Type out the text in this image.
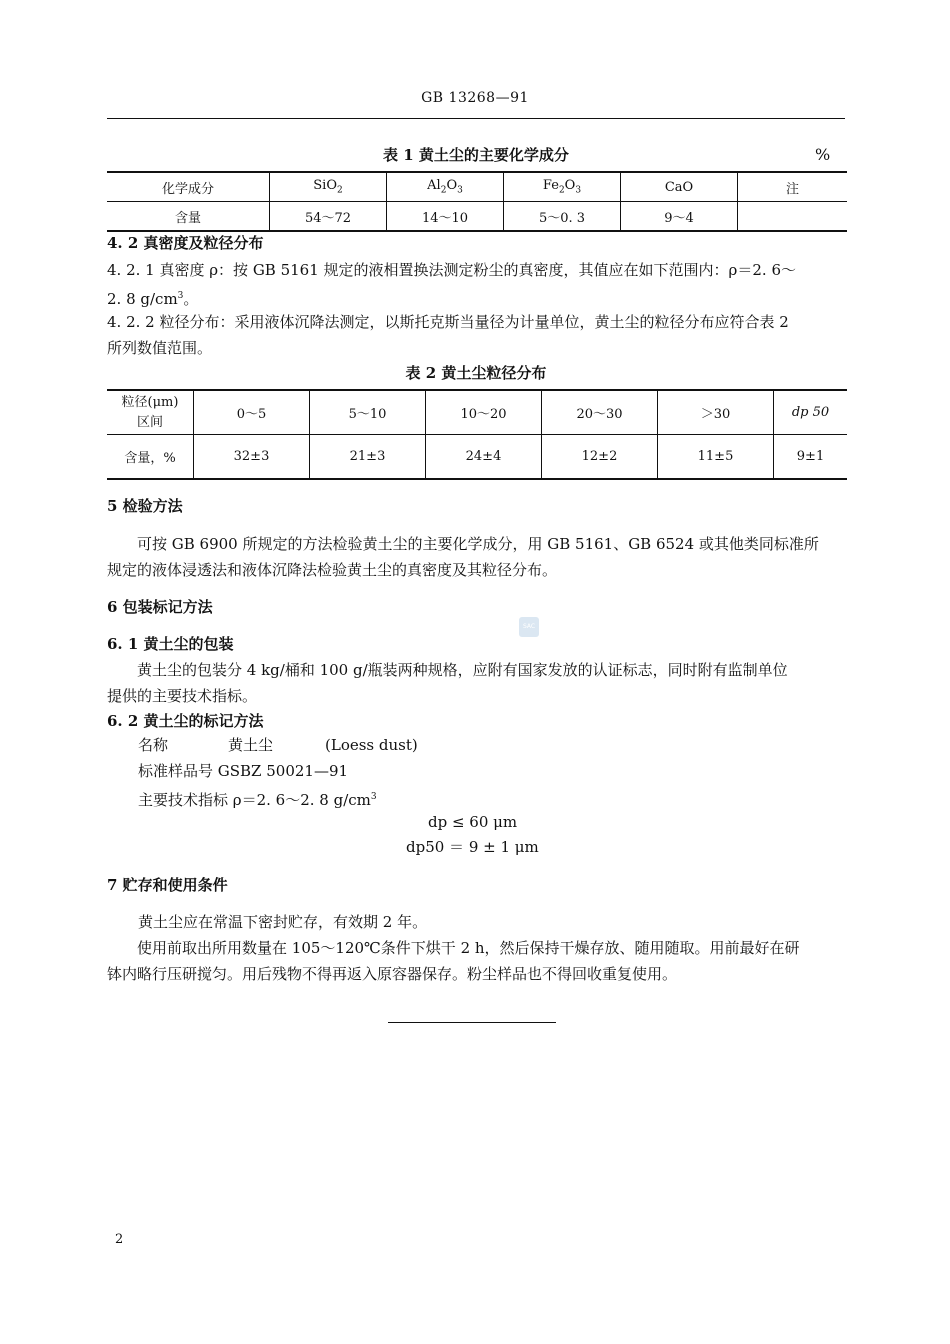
GB 13268—91
表 1 黄土尘的主要化学成分	%
化学成分	SiO$_2$	$Al_2O_3$	$Fe_2O_3$	CaO	注
含量	54～72	14～10	5～0. 3	9～4	
4. 2 真密度及粒径分布
4. 2. 1 真密度 ρ：按 GB 5161 规定的液相置换法测定粉尘的真密度，其值应在如下范围内：ρ＝2. 6～
2. 8 $g/cm^3$。
4. 2. 2 粒径分布：采用液体沉降法测定，以斯托克斯当量径为计量单位，黄土尘的粒径分布应符合表 2
所列数值范围。
表 2 黄土尘粒径分布
粒径(μm)
区间	0～5	5～10	10～20	20～30	＞30	dp 50
含量，%	32±3	21±3	24±4	12±2	11±5	9±1
5 检验方法
可按 GB 6900 所规定的方法检验黄土尘的主要化学成分，用 GB 5161、GB 6524 或其他类同标准所
规定的液体浸透法和液体沉降法检验黄土尘的真密度及其粒径分布。
6 包装标记方法
SAC
6. 1 黄土尘的包装
黄土尘的包装分 4 kg/桶和 100 g/瓶装两种规格，应附有国家发放的认证标志，同时附有监制单位
提供的主要技术指标。
6. 2 黄土尘的标记方法
名称	黄土尘	(Loess dust)
标准样品号 GSBZ 50021—91
主要技术指标 ρ＝2. 6～2. 8 $g/cm^3$
dp ≤ 60 μm
dp50 ＝ 9 ± 1 μm
7 贮存和使用条件
黄土尘应在常温下密封贮存，有效期 2 年。
使用前取出所用数量在 105～120℃条件下烘干 2 h，然后保持干燥存放、随用随取。用前最好在研
钵内略行压研搅匀。用后残物不得再返入原容器保存。粉尘样品也不得回收重复使用。
2
